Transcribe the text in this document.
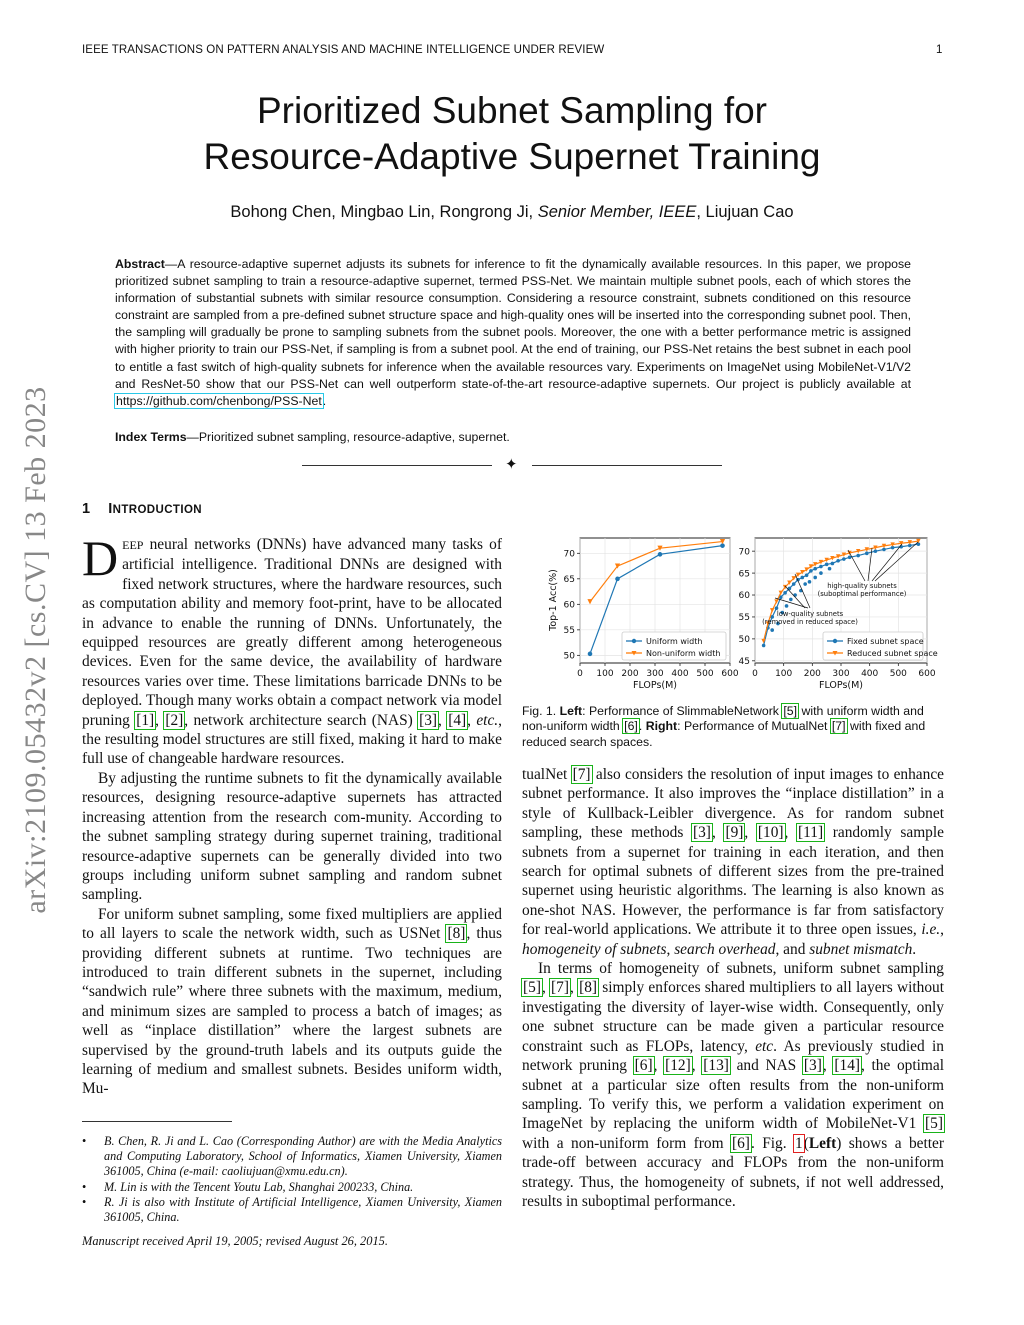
IEEE TRANSACTIONS ON PATTERN ANALYSIS AND MACHINE INTELLIGENCE UNDER REVIEW	1
Prioritized Subnet Sampling for
Resource-Adaptive Supernet Training
Bohong Chen, Mingbao Lin, Rongrong Ji, Senior Member, IEEE, Liujuan Cao
Abstract—A resource-adaptive supernet adjusts its subnets for inference to fit the dynamically available resources. In this paper, we propose prioritized subnet sampling to train a resource-adaptive supernet, termed PSS-Net. We maintain multiple subnet pools, each of which stores the information of substantial subnets with similar resource consumption. Considering a resource constraint, subnets conditioned on this resource constraint are sampled from a pre-defined subnet structure space and high-quality ones will be inserted into the corresponding subnet pool. Then, the sampling will gradually be prone to sampling subnets from the subnet pools. Moreover, the one with a better performance metric is assigned with higher priority to train our PSS-Net, if sampling is from a subnet pool. At the end of training, our PSS-Net retains the best subnet in each pool to entitle a fast switch of high-quality subnets for inference when the available resources vary. Experiments on ImageNet using MobileNet-V1/V2 and ResNet-50 show that our PSS-Net can well outperform state-of-the-art resource-adaptive supernets. Our project is publicly available at https://github.com/chenbong/PSS-Net.
Index Terms—Prioritized subnet sampling, resource-adaptive, supernet.
✦
arXiv:2109.05432v2 [cs.CV] 13 Feb 2023 1 INTRODUCTION

DEEP neural networks (DNNs) have advanced many tasks of artificial intelligence. Traditional DNNs are designed with fixed network structures, where the hardware resources, such as computation ability and memory foot-print, have to be allocated in advance to enable the running of DNNs. Unfortunately, the equipped resources are greatly different among heterogeneous devices. Even for the same device, the availability of hardware resources varies over time. These limitations barricade DNNs to be deployed. Though many works obtain a compact network via model pruning [1], [2], network architecture search (NAS) [3], [4], etc., the resulting model structures are still fixed, making it hard to make full use of changeable hardware resources.

By adjusting the runtime subnets to fit the dynamically available resources, designing resource-adaptive supernets has attracted increasing attention from the research com-munity. According to the subnet sampling strategy during supernet training, traditional resource-adaptive supernets can be generally divided into two groups including uniform subnet sampling and random subnet sampling.

For uniform subnet sampling, some fixed multipliers are applied to all layers to scale the network width, such as USNet [8], thus providing different subnets at runtime. Two techniques are introduced to train different subnets in the supernet, including “sandwich rule” where three subnets with the maximum, medium, and minimum sizes are sampled to process a batch of images; as well as “inplace distillation” where the largest subnets are supervised by the ground-truth labels and its outputs guide the learning of medium and smallest subnets. Besides uniform width, Mu-

• B. Chen, R. Ji and L. Cao (Corresponding Author) are with the Media Analytics and Computing Laboratory, School of Informatics, Xiamen University, Xiamen 361005, China (e-mail: caoliujuan@xmu.edu.cn).
• M. Lin is with the Tencent Youtu Lab, Shanghai 200233, China.
• R. Ji is also with Institute of Artificial Intelligence, Xiamen University, Xiamen 361005, China.
Manuscript received April 19, 2005; revised August 26, 2015.
0 100 200 300 400 500 600
50
55
60
65
70
Top-1 Acc(%)
FLOPs(M)
Uniform width
Non-uniform width
0 100 200 300 400 500 600
45
50
55
60
65
70
FLOPs(M)
high-quality subnets
(suboptimal performance)
low-quality subnets
(removed in reduced space)
Fixed subnet space
Reduced subnet space
Fig. 1. Left: Performance of SlimmableNetwork [5] with uniform width and non-uniform width [6]. Right: Performance of MutualNet [7] with fixed and reduced search spaces.

tualNet [7] also considers the resolution of input images to enhance subnet performance. It also improves the “inplace distillation” in a style of Kullback-Leibler divergence. As for random subnet sampling, these methods [3], [9], [10], [11] randomly sample subnets from a supernet for training in each iteration, and then search for optimal subnets of different sizes from the pre-trained supernet using heuristic algorithms. The learning is also known as one-shot NAS. However, the performance is far from satisfactory for real-world applications. We attribute it to three open issues, i.e., homogeneity of subnets, search overhead, and subnet mismatch.

In terms of homogeneity of subnets, uniform subnet sampling [5], [7], [8] simply enforces shared multipliers to all layers without investigating the diversity of layer-wise width. Consequently, only one subnet structure can be made given a particular resource constraint such as FLOPs, latency, etc. As previously studied in network pruning [6], [12], [13] and NAS [3], [14], the optimal subnet at a particular size often results from the non-uniform sampling. To verify this, we perform a validation experiment on ImageNet by replacing the uniform width of MobileNet-V1 [5] with a non-uniform form from [6]. Fig. 1(Left) shows a better trade-off between accuracy and FLOPs from the non-uniform strategy. Thus, the homogeneity of subnets, if not well addressed, results in suboptimal performance.
